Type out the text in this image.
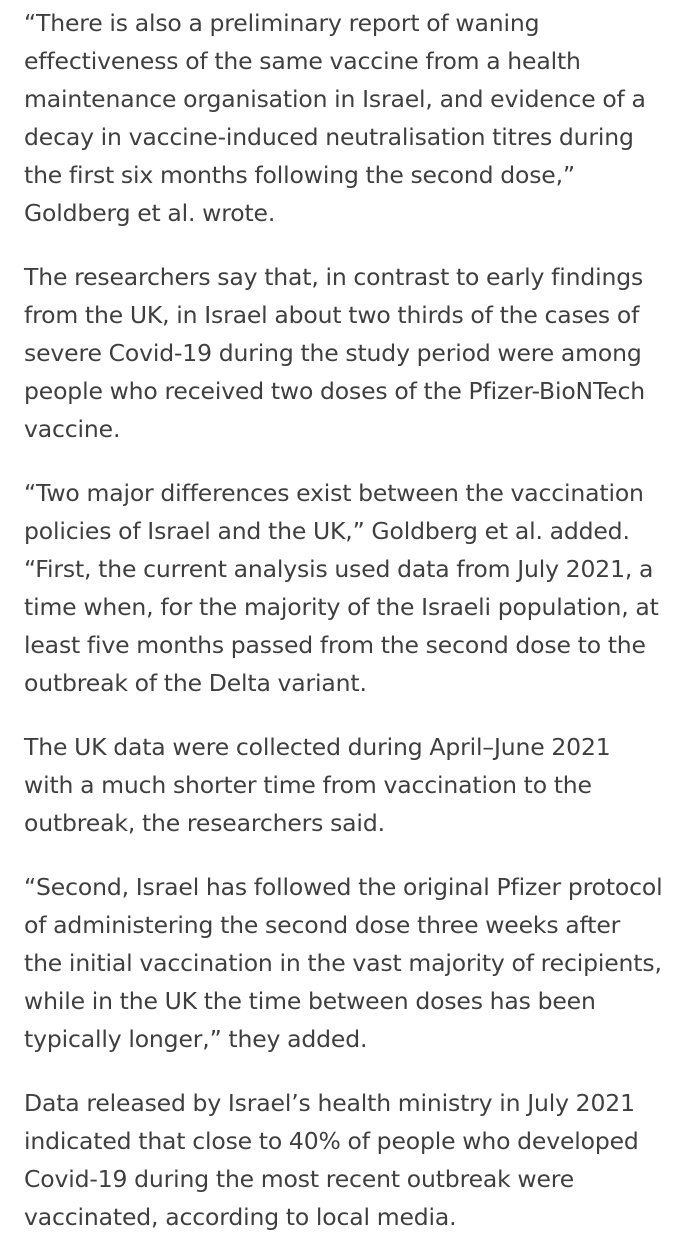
“There is also a preliminary report of waning
effectiveness of the same vaccine from a health
maintenance organisation in Israel, and evidence of a
decay in vaccine-induced neutralisation titres during
the first six months following the second dose,”
Goldberg et al. wrote.

The researchers say that, in contrast to early findings
from the UK, in Israel about two thirds of the cases of
severe Covid-19 during the study period were among
people who received two doses of the Pfizer-BioNTech
vaccine.

“Two major differences exist between the vaccination
policies of Israel and the UK,” Goldberg et al. added.
“First, the current analysis used data from July 2021, a
time when, for the majority of the Israeli population, at
least five months passed from the second dose to the
outbreak of the Delta variant.

The UK data were collected during April–June 2021
with a much shorter time from vaccination to the
outbreak, the researchers said.

“Second, Israel has followed the original Pfizer protocol
of administering the second dose three weeks after
the initial vaccination in the vast majority of recipients,
while in the UK the time between doses has been
typically longer,” they added.

Data released by Israel’s health ministry in July 2021
indicated that close to 40% of people who developed
Covid-19 during the most recent outbreak were
vaccinated, according to local media.
